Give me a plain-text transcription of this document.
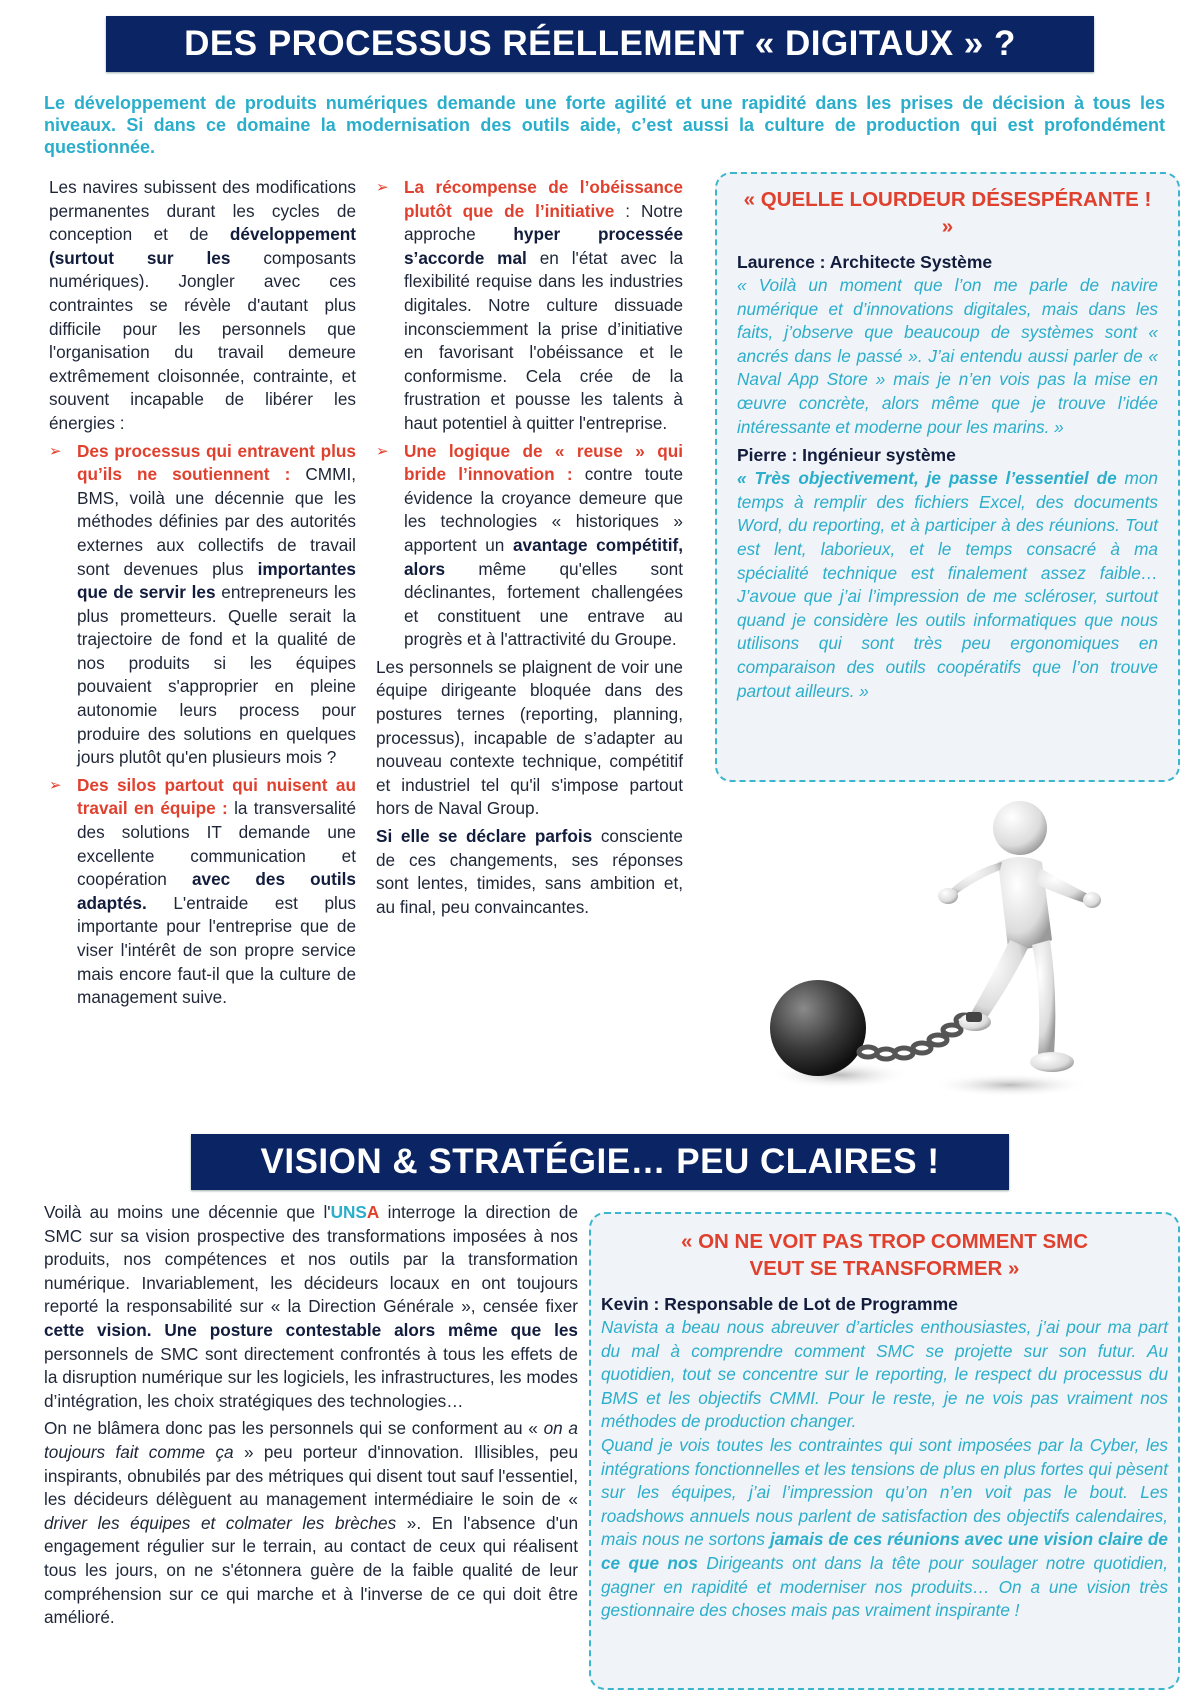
DES PROCESSUS RÉELLEMENT « DIGITAUX » ?
Le développement de produits numériques demande une forte agilité et une rapidité dans les prises de décision à tous les niveaux. Si dans ce domaine la modernisation des outils aide, c’est aussi la culture de production qui est profondément questionnée.

Les navires subissent des modifications permanentes durant les cycles de conception et de développement (surtout sur les composants numériques). Jongler avec ces contraintes se révèle d'autant plus difficile pour les personnels que l'organisation du travail demeure extrêmement cloisonnée, contrainte, et souvent incapable de libérer les énergies :

➢ Des processus qui entravent plus qu’ils ne soutiennent : CMMI, BMS, voilà une décennie que les méthodes définies par des autorités externes aux collectifs de travail sont devenues plus importantes que de servir les entrepreneurs les plus prometteurs. Quelle serait la trajectoire de fond et la qualité de nos produits si les équipes pouvaient s'approprier en pleine autonomie leurs process pour produire des solutions en quelques jours plutôt qu'en plusieurs mois ?
➢ Des silos partout qui nuisent au travail en équipe : la transversalité des solutions IT demande une excellente communication et coopération avec des outils adaptés. L'entraide est plus importante pour l'entreprise que de viser l'intérêt de son propre service mais encore faut-il que la culture de management suive.
➢ La récompense de l’obéissance plutôt que de l’initiative : Notre approche hyper processée s’accorde mal en l'état avec la flexibilité requise dans les industries digitales. Notre culture dissuade inconsciemment la prise d’initiative en favorisant l'obéissance et le conformisme. Cela crée de la frustration et pousse les talents à haut potentiel à quitter l'entreprise.
➢ Une logique de « reuse » qui bride l’innovation : contre toute évidence la croyance demeure que les technologies « historiques » apportent un avantage compétitif, alors même qu'elles sont déclinantes, fortement challengées et constituent une entrave au progrès et à l'attractivité du Groupe.

Les personnels se plaignent de voir une équipe dirigeante bloquée dans des postures ternes (reporting, planning, processus), incapable de s’adapter au nouveau contexte technique, compétitif et industriel tel qu'il s'impose partout hors de Naval Group.

Si elle se déclare parfois consciente de ces changements, ses réponses sont lentes, timides, sans ambition et, au final, peu convaincantes.

« QUELLE LOURDEUR DÉSESPÉRANTE ! »
Laurence : Architecte Système

« Voilà un moment que l’on me parle de navire numérique et d’innovations digitales, mais dans les faits, j’observe que beaucoup de systèmes sont « ancrés dans le passé ». J’ai entendu aussi parler de « Naval App Store » mais je n’en vois pas la mise en œuvre concrète, alors même que je trouve l’idée intéressante et moderne pour les marins. »

Pierre : Ingénieur système

« Très objectivement, je passe l’essentiel de mon temps à remplir des fichiers Excel, des documents Word, du reporting, et à participer à des réunions. Tout est lent, laborieux, et le temps consacré à ma spécialité technique est finalement assez faible… J’avoue que j’ai l’impression de me scléroser, surtout quand je considère les outils informatiques que nous utilisons qui sont très peu ergonomiques en comparaison des outils coopératifs que l’on trouve partout ailleurs. »

VISION & STRATÉGIE… PEU CLAIRES !

Voilà au moins une décennie que l'UNSA interroge la direction de SMC sur sa vision prospective des transformations imposées à nos produits, nos compétences et nos outils par la transformation numérique. Invariablement, les décideurs locaux en ont toujours reporté la responsabilité sur « la Direction Générale », censée fixer cette vision. Une posture contestable alors même que les personnels de SMC sont directement confrontés à tous les effets de la disruption numérique sur les logiciels, les infrastructures, les modes d’intégration, les choix stratégiques des technologies…

On ne blâmera donc pas les personnels qui se conforment au « on a toujours fait comme ça » peu porteur d'innovation. Illisibles, peu inspirants, obnubilés par des métriques qui disent tout sauf l'essentiel, les décideurs délèguent au management intermédiaire le soin de « driver les équipes et colmater les brèches ». En l'absence d'un engagement régulier sur le terrain, au contact de ceux qui réalisent tous les jours, on ne s'étonnera guère de la faible qualité de leur compréhension sur ce qui marche et à l'inverse de ce qui doit être amélioré.

« ON NE VOIT PAS TROP COMMENT SMC VEUT SE TRANSFORMER »
Kevin : Responsable de Lot de Programme

Navista a beau nous abreuver d’articles enthousiastes, j’ai pour ma part du mal à comprendre comment SMC se projette sur son futur. Au quotidien, tout se concentre sur le reporting, le respect du processus du BMS et les objectifs CMMI. Pour le reste, je ne vois pas vraiment nos méthodes de production changer.

Quand je vois toutes les contraintes qui sont imposées par la Cyber, les intégrations fonctionnelles et les tensions de plus en plus fortes qui pèsent sur les équipes, j’ai l’impression qu’on n’en voit pas le bout. Les roadshows annuels nous parlent de satisfaction des objectifs calendaires, mais nous ne sortons jamais de ces réunions avec une vision claire de ce que nos Dirigeants ont dans la tête pour soulager notre quotidien, gagner en rapidité et moderniser nos produits… On a une vision très gestionnaire des choses mais pas vraiment inspirante !
